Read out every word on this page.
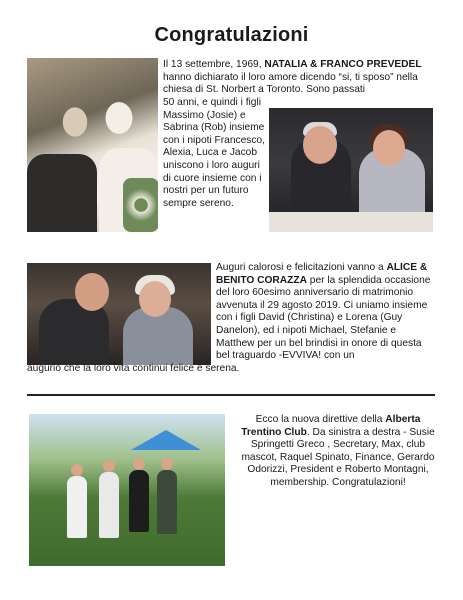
Congratulazioni
Il 13 settembre, 1969, NATALIA & FRANCO PREVEDEL hanno dichiarato il loro amore dicendo “si, ti sposo” nella chiesa di St. Norbert a Toronto. Sono passati
50 anni, e quindi i figli Massimo (Josie) e Sabrina (Rob) insieme con i nipoti Francesco, Alexia, Luca e Jacob uniscono i loro auguri di cuore insieme con i nostri per un futuro sempre sereno.
Auguri calorosi e felicitazioni vanno a ALICE & BENITO CORAZZA per la splendida occasione del loro 60esimo anniversario di matrimonio avvenuta il 29 agosto 2019. Ci uniamo insieme con i figli David (Christina) e Lorena (Guy Danelon), ed i nipoti Michael, Stefanie e Matthew per un bel brindisi in onore di questa bel traguardo -EVVIVA! con un
augurio che la loro vita continui felice e serena.
Ecco la nuova direttive della Alberta Trentino Club. Da sinistra a destra - Susie Springetti Greco , Secretary, Max, club mascot, Raquel Spinato, Finance, Gerardo Odorizzi, President e Roberto Montagni, membership. Congratulazioni!
